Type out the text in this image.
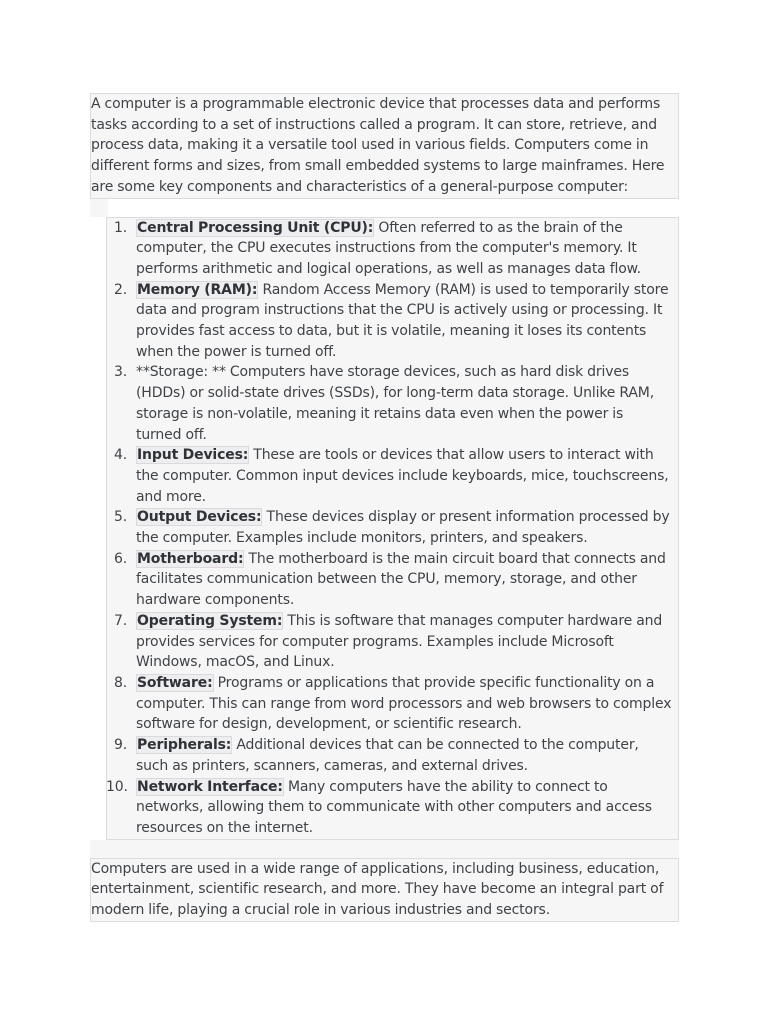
A computer is a programmable electronic device that processes data and performs tasks according to a set of instructions called a program. It can store, retrieve, and process data, making it a versatile tool used in various fields. Computers come in different forms and sizes, from small embedded systems to large mainframes. Here are some key components and characteristics of a general-purpose computer:

1. Central Processing Unit (CPU): Often referred to as the brain of the computer, the CPU executes instructions from the computer's memory. It performs arithmetic and logical operations, as well as manages data flow.
2. Memory (RAM): Random Access Memory (RAM) is used to temporarily store data and program instructions that the CPU is actively using or processing. It provides fast access to data, but it is volatile, meaning it loses its contents when the power is turned off.
3. **Storage: ** Computers have storage devices, such as hard disk drives (HDDs) or solid-state drives (SSDs), for long-term data storage. Unlike RAM, storage is non-volatile, meaning it retains data even when the power is turned off.
4. Input Devices: These are tools or devices that allow users to interact with the computer. Common input devices include keyboards, mice, touchscreens, and more.
5. Output Devices: These devices display or present information processed by the computer. Examples include monitors, printers, and speakers.
6. Motherboard: The motherboard is the main circuit board that connects and facilitates communication between the CPU, memory, storage, and other hardware components.
7. Operating System: This is software that manages computer hardware and provides services for computer programs. Examples include Microsoft Windows, macOS, and Linux.
8. Software: Programs or applications that provide specific functionality on a computer. This can range from word processors and web browsers to complex software for design, development, or scientific research.
9. Peripherals: Additional devices that can be connected to the computer, such as printers, scanners, cameras, and external drives.
10. Network Interface: Many computers have the ability to connect to networks, allowing them to communicate with other computers and access resources on the internet.

Computers are used in a wide range of applications, including business, education, entertainment, scientific research, and more. They have become an integral part of modern life, playing a crucial role in various industries and sectors.
